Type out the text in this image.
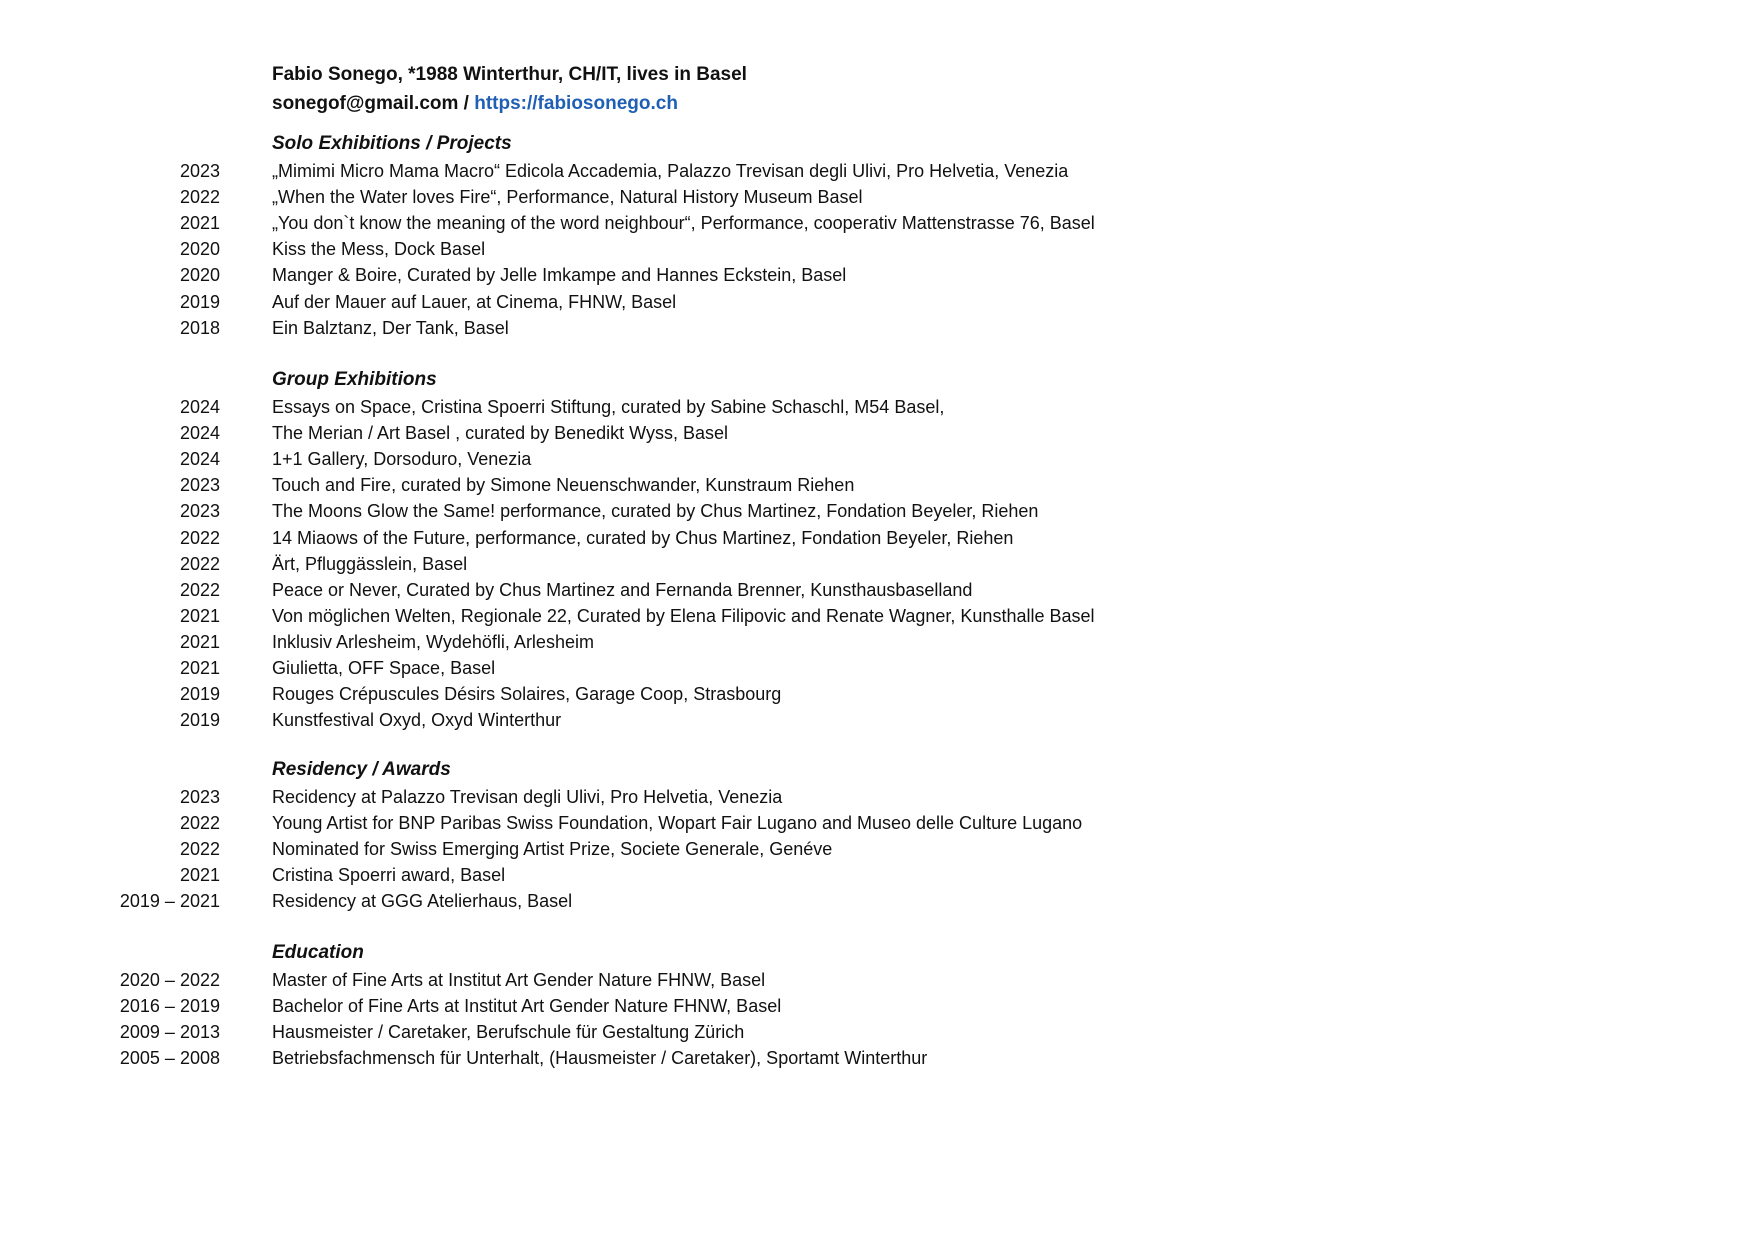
Fabio Sonego, *1988 Winterthur, CH/IT, lives in Basel
sonegof@gmail.com / https://fabiosonego.ch
Solo Exhibitions / Projects
2023	„Mimimi Micro Mama Macro“ Edicola Accademia, Palazzo Trevisan degli Ulivi, Pro Helvetia, Venezia
2022	„When the Water loves Fire“, Performance, Natural History Museum Basel
2021	„You don`t know the meaning of the word neighbour“, Performance, cooperativ Mattenstrasse 76, Basel
2020	Kiss the Mess, Dock Basel
2020	Manger & Boire, Curated by Jelle Imkampe and Hannes Eckstein, Basel
2019	Auf der Mauer auf Lauer, at Cinema, FHNW, Basel
2018	Ein Balztanz, Der Tank, Basel
Group Exhibitions
2024	Essays on Space, Cristina Spoerri Stiftung, curated by Sabine Schaschl, M54 Basel,
2024	The Merian / Art Basel , curated by Benedikt Wyss, Basel
2024	1+1 Gallery, Dorsoduro, Venezia
2023	Touch and Fire, curated by Simone Neuenschwander, Kunstraum Riehen
2023	The Moons Glow the Same! performance, curated by Chus Martinez, Fondation Beyeler, Riehen
2022	14 Miaows of the Future, performance, curated by Chus Martinez, Fondation Beyeler, Riehen
2022	Ärt, Pfluggässlein, Basel
2022	Peace or Never, Curated by Chus Martinez and Fernanda Brenner, Kunsthausbaselland
2021	Von möglichen Welten, Regionale 22, Curated by Elena Filipovic and Renate Wagner, Kunsthalle Basel
2021	Inklusiv Arlesheim, Wydehöfli, Arlesheim
2021	Giulietta, OFF Space, Basel
2019	Rouges Crépuscules Désirs Solaires, Garage Coop, Strasbourg
2019	Kunstfestival Oxyd, Oxyd Winterthur
Residency / Awards
2023	Recidency at Palazzo Trevisan degli Ulivi, Pro Helvetia, Venezia
2022	Young Artist for BNP Paribas Swiss Foundation, Wopart Fair Lugano and Museo delle Culture Lugano
2022	Nominated for Swiss Emerging Artist Prize, Societe Generale, Genéve
2021	Cristina Spoerri award, Basel
2019 – 2021	Residency at GGG Atelierhaus, Basel
Education
2020 – 2022	Master of Fine Arts at Institut Art Gender Nature FHNW, Basel
2016 – 2019	Bachelor of Fine Arts at Institut Art Gender Nature FHNW, Basel
2009 – 2013	Hausmeister / Caretaker, Berufschule für Gestaltung Zürich
2005 – 2008	Betriebsfachmensch für Unterhalt, (Hausmeister / Caretaker), Sportamt Winterthur
